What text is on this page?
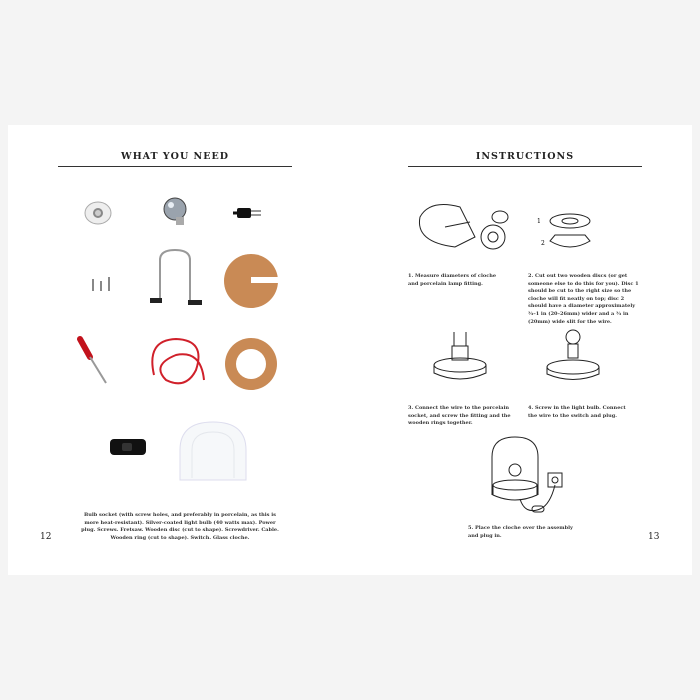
WHAT YOU NEED
Bulb socket (with screw holes, and preferably in porcelain, as this is more heat-resistant). Silver-coated light bulb (40 watts max). Power plug. Screws. Fretsaw. Wooden disc (cut to shape). Screwdriver. Cable. Wooden ring (cut to shape). Switch. Glass cloche.
12
INSTRUCTIONS
1
2
1. Measure diameters of cloche and porcelain lamp fitting.
2. Cut out two wooden discs (or get someone else to do this for you). Disc 1 should be cut to the right size so the cloche will fit neatly on top; disc 2 should have a diameter approximately ¾–1 in (20–26mm) wider and a ¾ in (20mm) wide slit for the wire.
3. Connect the wire to the porcelain socket, and screw the fitting and the wooden rings together.
4. Screw in the light bulb. Connect the wire to the switch and plug.
5. Place the cloche over the assembly and plug in.	13
